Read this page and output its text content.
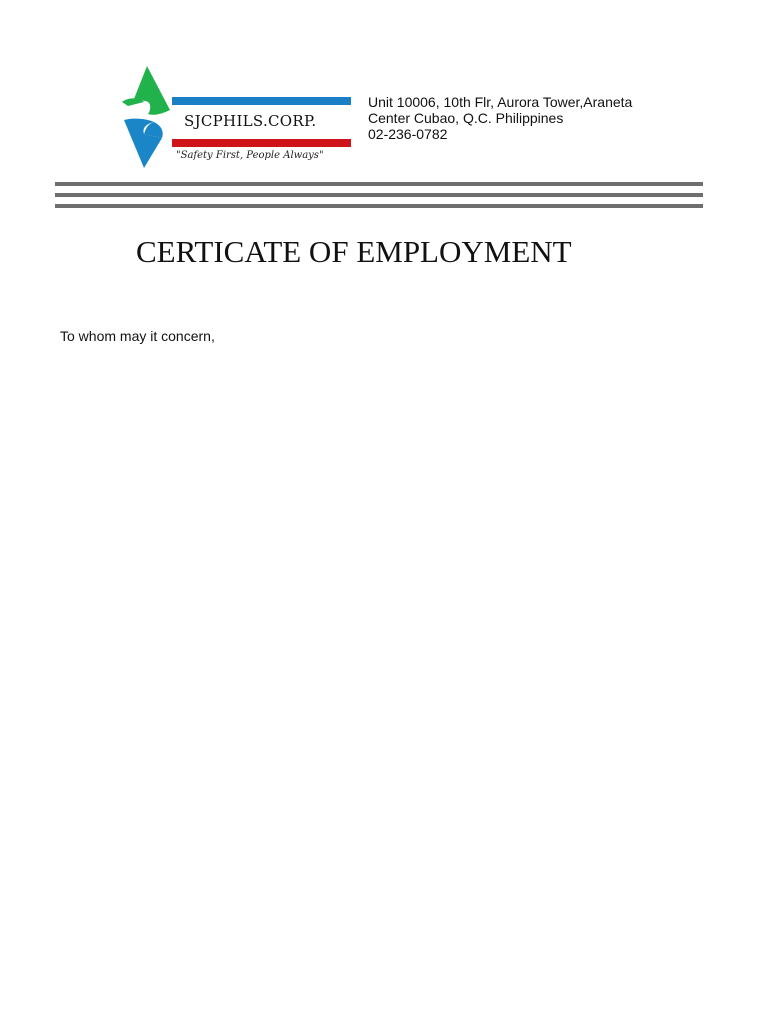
SJCPHILS.CORP.
"Safety First, People Always"
Unit 10006, 10th Flr, Aurora Tower,Araneta
Center Cubao, Q.C. Philippines
02-236-0782
CERTICATE OF EMPLOYMENT
To whom may it concern,
